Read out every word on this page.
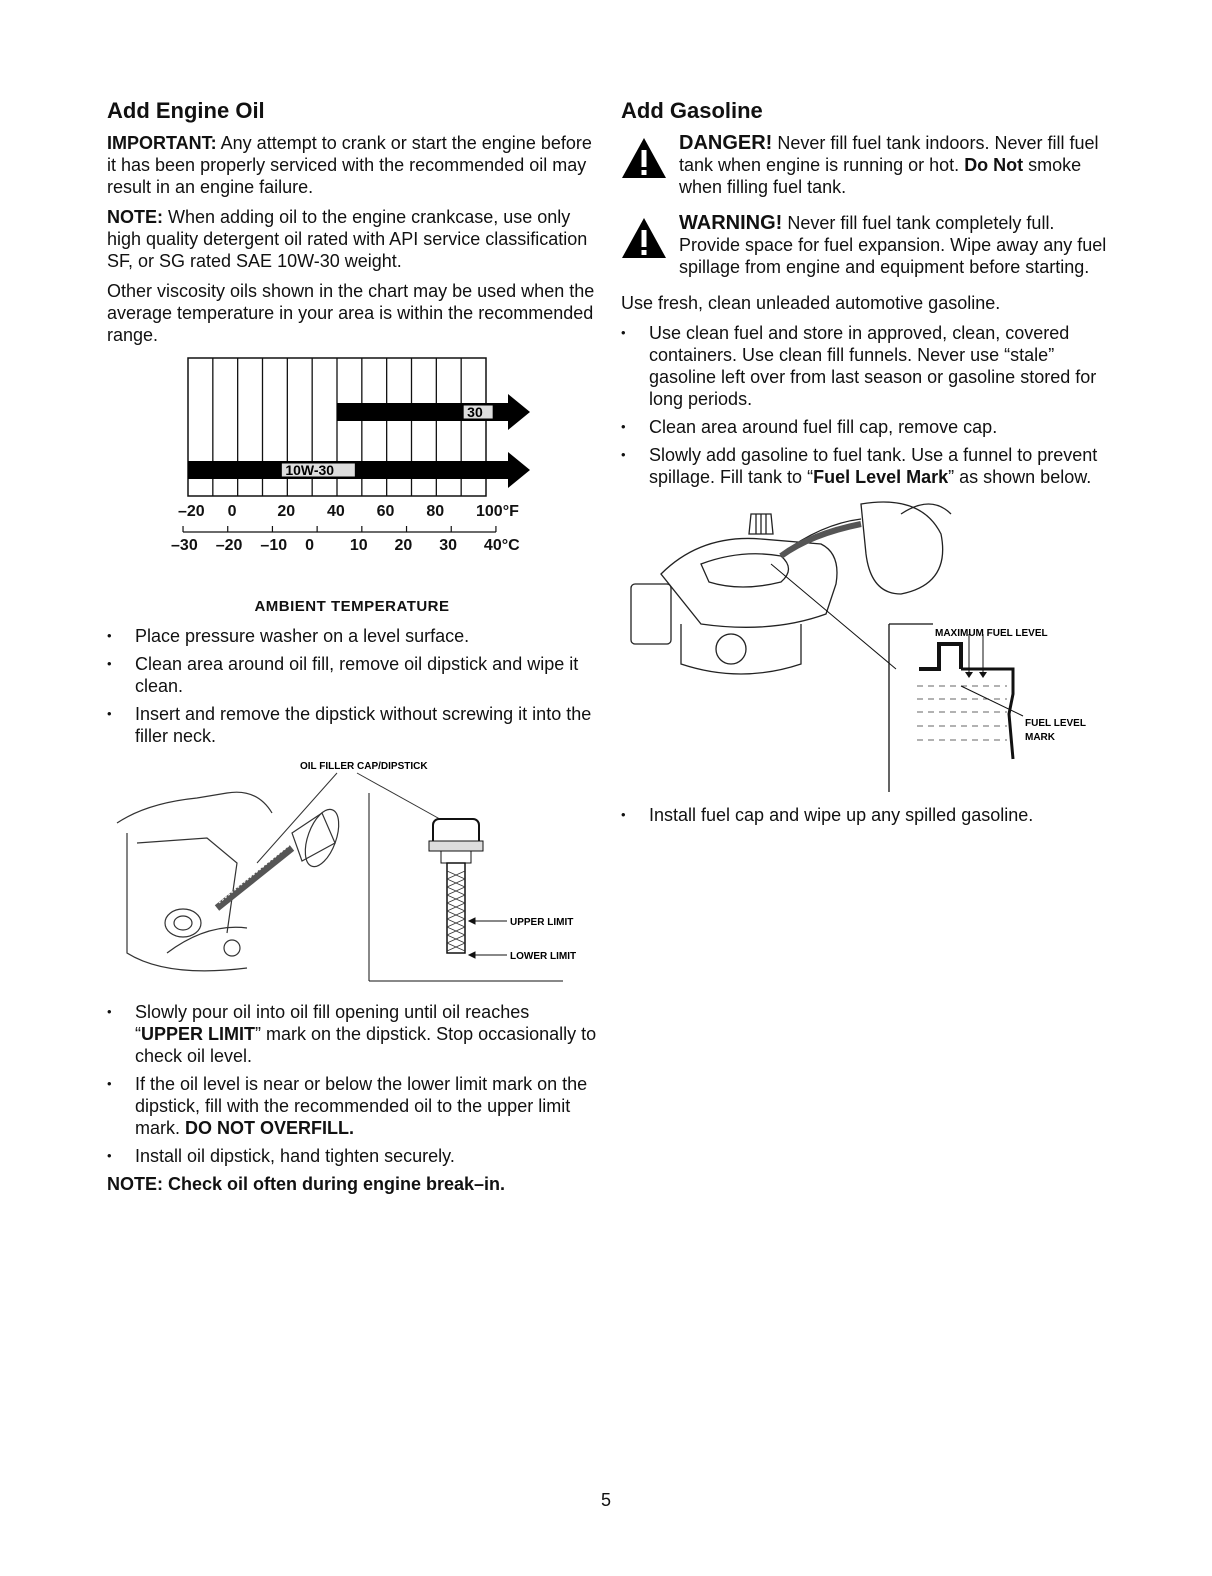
Add Engine Oil

IMPORTANT: Any attempt to crank or start the engine before it has been properly serviced with the recommended oil may result in an engine failure.

NOTE: When adding oil to the engine crankcase, use only high quality detergent oil rated with API service classification SF, or SG rated SAE 10W-30 weight.

Other viscosity oils shown in the chart may be used when the average temperature in your area is within the recommended range.

30
10W-30
–20 0	20 40 60 80 100°F
–30 –20 –10 0 10 20 30 40°C
AMBIENT TEMPERATURE
• Place pressure washer on a level surface.
• Clean area around oil fill, remove oil dipstick and wipe it clean.
• Insert and remove the dipstick without screwing it into the filler neck.
OIL FILLER CAP/DIPSTICK
UPPER LIMIT
LOWER LIMIT
• Slowly pour oil into oil fill opening until oil reaches “UPPER LIMIT” mark on the dipstick. Stop occasionally to check oil level.
• If the oil level is near or below the lower limit mark on the dipstick, fill with the recommended oil to the upper limit mark. DO NOT OVERFILL.
• Install oil dipstick, hand tighten securely.

NOTE: Check oil often during engine break–in.

Add Gasoline

DANGER! Never fill fuel tank indoors. Never fill fuel tank when engine is running or hot. Do Not smoke when filling fuel tank.

WARNING! Never fill fuel tank completely full. Provide space for fuel expansion. Wipe away any fuel spillage from engine and equipment before starting.

Use fresh, clean unleaded automotive gasoline.

• Use clean fuel and store in approved, clean, covered containers. Use clean fill funnels. Never use “stale” gasoline left over from last season or gasoline stored for long periods.
• Clean area around fuel fill cap, remove cap.
• Slowly add gasoline to fuel tank. Use a funnel to prevent spillage. Fill tank to “Fuel Level Mark” as shown below.
MAXIMUM FUEL LEVEL
FUEL LEVEL
MARK
• Install fuel cap and wipe up any spilled gasoline.
5
